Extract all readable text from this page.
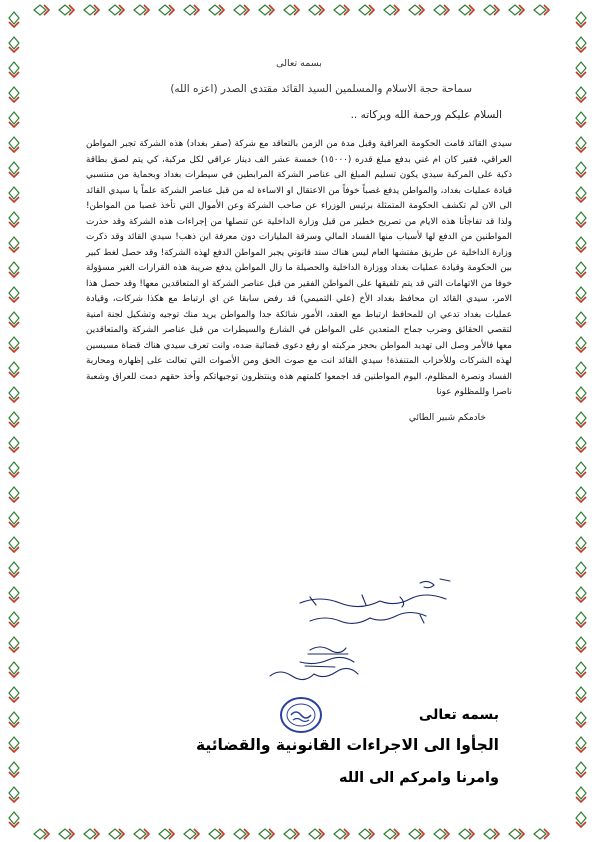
بسمه تعالى

سماحة حجة الاسلام والمسلمين السيد القائد مقتدى الصدر (اعزه الله)

السلام عليكم ورحمة الله وبركاته ..

سيدي القائد قامت الحكومة العراقية وقبل مدة من الزمن بالتعاقد مع شركة (صقر بغداد) هذه الشركة تجبر المواطن العراقي، فقير كان ام غني بدفع مبلغ قدره (١٥٠٠٠) خمسة عشر الف دينار عراقي لكل مركبة، كي يتم لصق بطاقة ذكية على المركبة سيدي يكون تسليم المبلغ الى عناصر الشركة المرابطين في سيطرات بغداد وبحماية من منتسبي قيادة عمليات بغداد، والمواطن يدفع غصباً خوفاً من الاعتقال او الاساءة له من قبل عناصر الشركة علماً يا سيدي القائد الى الان لم تكشف الحكومة المتمثلة برئيس الوزراء عن صاحب الشركة وعن الأموال التي تأخذ غصبا من المواطن! ولذا قد تفاجأنا هذه الايام من تصريح خطير من قبل وزارة الداخلية عن تنصلها من إجراءات هذه الشركة وقد حذرت المواطنين من الدفع لها لأسباب منها الفساد المالي وسرقة المليارات دون معرفة اين ذهب! سيدي القائد وقد ذكرت وزارة الداخلية عن طريق مفتشها العام ليس هناك سند قانوني يجبر المواطن الدفع لهذه الشركة! وقد حصل لغط كبير بين الحكومة وقيادة عمليات بغداد ووزارة الداخلية والحصيلة ما زال المواطن يدفع ضريبة هذه القرارات الغير مسؤولة خوفا من الاتهامات التي قد يتم تلفيقها على المواطن الفقير من قبل عناصر الشركة او المتعاقدين معها! وقد حصل هذا الامر، سيدي القائد ان محافظ بغداد الأخ (علي التميمي) قد رفض سابقا عن اي ارتباط مع هكذا شركات، وقيادة عمليات بغداد تدعي ان للمحافظ ارتباط مع العقد، الأمور شائكة جدا والمواطن يريد منك توجيه وتشكيل لجنة امنية لتقصي الحقائق وضرب جماح المتعدين على المواطن في الشارع والسيطرات من قبل عناصر الشركة والمتعاقدين معها فالأمر وصل الى تهديد المواطن بحجز مركبته او رفع دعوى قضائية ضده، وانت تعرف سيدي هناك قضاة مسيسين لهذه الشركات وللأحزاب المتنفذة! سيدي القائد انت مع صوت الحق ومن الأصوات التي تعالت على إظهاره ومحاربة الفساد ونصرة المظلوم، اليوم المواطنين قد اجمعوا كلمتهم هذه وينتظرون توجيهاتكم وأخذ حقهم دمت للعراق وشعبة ناصرا وللمظلوم عونا

خادمكم شبير الطائي

بسمه تعالى
الجأوا الى الاجراءات القانونية والقضائية
وامرنا وامركم الى الله
